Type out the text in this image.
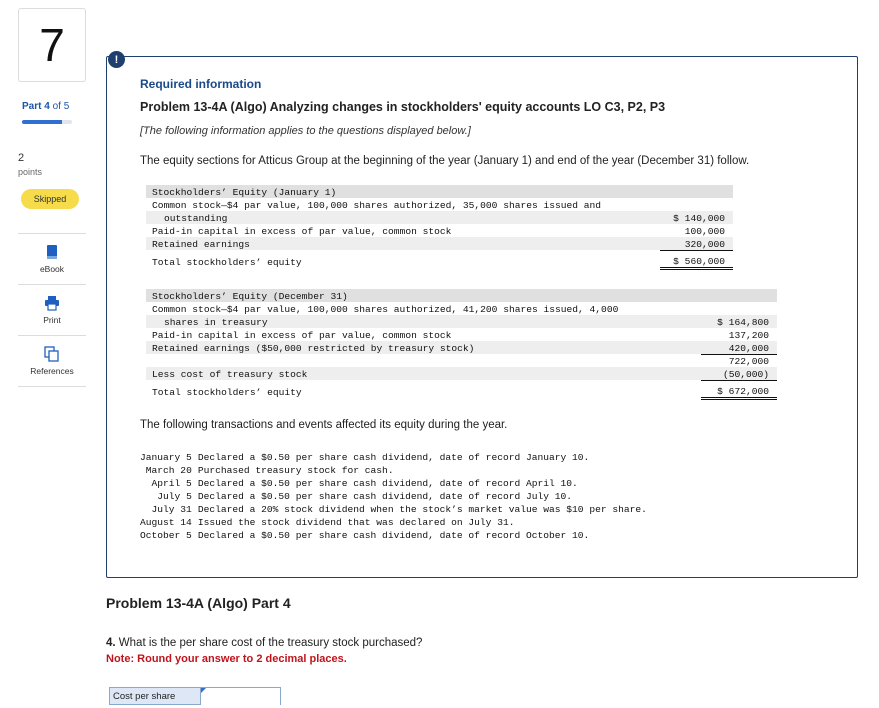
7
Part 4 of 5
2
points
Skipped
eBook
Print
References
!
Required information
Problem 13-4A (Algo) Analyzing changes in stockholders' equity accounts LO C3, P2, P3
[The following information applies to the questions displayed below.]
The equity sections for Atticus Group at the beginning of the year (January 1) and end of the year (December 31) follow.
Stockholders’ Equity (January 1)	
Common stock—$4 par value, 100,000 shares authorized, 35,000 shares issued and	
outstanding	$ 140,000
Paid-in capital in excess of par value, common stock	100,000
Retained earnings	320,000
Total stockholders’ equity	$ 560,000
Stockholders’ Equity (December 31)	
Common stock—$4 par value, 100,000 shares authorized, 41,200 shares issued, 4,000	
shares in treasury	$ 164,800
Paid-in capital in excess of par value, common stock	137,200
Retained earnings ($50,000 restricted by treasury stock)	420,000
	722,000
Less cost of treasury stock	(50,000)
Total stockholders’ equity	$ 672,000
The following transactions and events affected its equity during the year.
January 5	Declared a $0.50 per share cash dividend, date of record January 10.
March 20	Purchased treasury stock for cash.
April 5	Declared a $0.50 per share cash dividend, date of record April 10.
July 5	Declared a $0.50 per share cash dividend, date of record July 10.
July 31	Declared a 20% stock dividend when the stock’s market value was $10 per share.
August 14	Issued the stock dividend that was declared on July 31.
October 5	Declared a $0.50 per share cash dividend, date of record October 10.
Problem 13-4A (Algo) Part 4
4. What is the per share cost of the treasury stock purchased?
Note: Round your answer to 2 decimal places.
Cost per share
